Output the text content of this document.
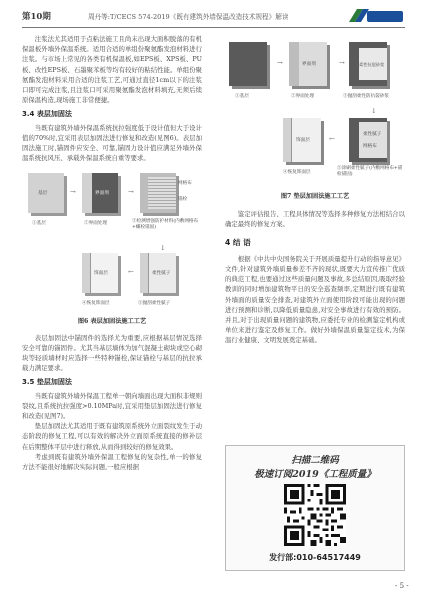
第10期	周丹等:T/CECS 574-2019《既有建筑外墙保温改造技术规程》解读

注浆法尤其适用于点粘法施工且尚未出现大面积脱落的有机保温板外墙外保温系统。适用合适的单组份聚氨酯发泡材料进行注浆。与市场上常见的各类有机保温板,如EPS板、XPS板、PU板、改性EPS板、石墨聚苯板等均有较好的粘结性能。单组份聚氨酯发泡材料采用合适的注浆工艺,可通过直径1cm以下的注浆口即可完成注浆,且注浆口可采用聚氨酯发泡材料填充,无须后续原保温构造,现场施工非常便捷。

3.4 表层加固法

当既有建筑外墙外保温系统抗拉强度低于设计值但大于设计值的70%时,宜采用表层加固法进行修复和改造(见图6)。表层加固法施工时,锚固件应安全、可靠,锚固力设计值应满足外墙外保温系统抗风压、承载外保温系统自重等要求。

基层
①基层
→	界面剂
②界面处理
→
网格布
锚栓
③检测增强防护材料(内敷网格布+螺栓锚固)
↓
柔性腻子
⑤抛刮柔性腻子
←
饰面层
④恢复饰面层
图6 表层加固法施工工艺

表层加固法中锚固件的选择尤为重要,应根据基层情况选择安全可靠的锚固件。尤其当基层墙体为加气混凝土砌块或空心砌块等轻质墙材时应选择一些特种锚栓,保证锚栓与基层的抗拉承载力满足要求。

3.5 垫层加固法

当既有建筑外墙外保温工程单一朝向墙面出现大面积非规则裂纹,且系统抗拉强度>0.10MPa时,宜采用垫层加固法进行修复和改造(见图7)。

垫层加固法尤其适用于既有建筑原系统外立面裂纹发生于动态阶段的修复工程,可以有效的解决外立面原系统直接的修补层在后期整体平层中进行释放,从而得到较好的修复效果。

考虑到既有建筑外墙外保温工程修复的复杂性,单一的修复方法不能很好地解决实际问题,一般应根据

①基层
→	界面剂
②界面处理
→	柔性抗裂砂浆
③抛刮柔性防抗裂砂浆
↓
柔性腻子
网格布
⑤涂刷柔性腻子(内敷网格布+锚栓锚固)
←
饰面层
④恢复饰面层
图7 垫层加固法施工工艺

鉴定评估报告、工程具体情况等选择多种修复方法相结合以确定最终的修复方案。

4 结 语

根据《中共中央国务院关于开展质量提升行动的指导意见》文件,针对建筑外墙质量参差不齐的现状,既要大力宣传推广优质的典范工程,也要通过这些质量问题及事故,多总结原因,吸取经验教训的同时增加建筑物平日的安全巡查频率,定期进行既有建筑外墙面的质量安全排查,对建筑外立面使用阶段可能出现的问题进行预测和诊断,以降低质量隐患,对安全事故进行有效的预防。并且,对于出现质量问题的建筑物,应委托专业的检测鉴定机构或单位来进行鉴定及修复工作。做好外墙保温质量鉴定技术,为保温行业健康、文明发展奠定基础。

扫描二维码
极速订阅2019《工程质量》
发行部:010-64517449
- 5 -
